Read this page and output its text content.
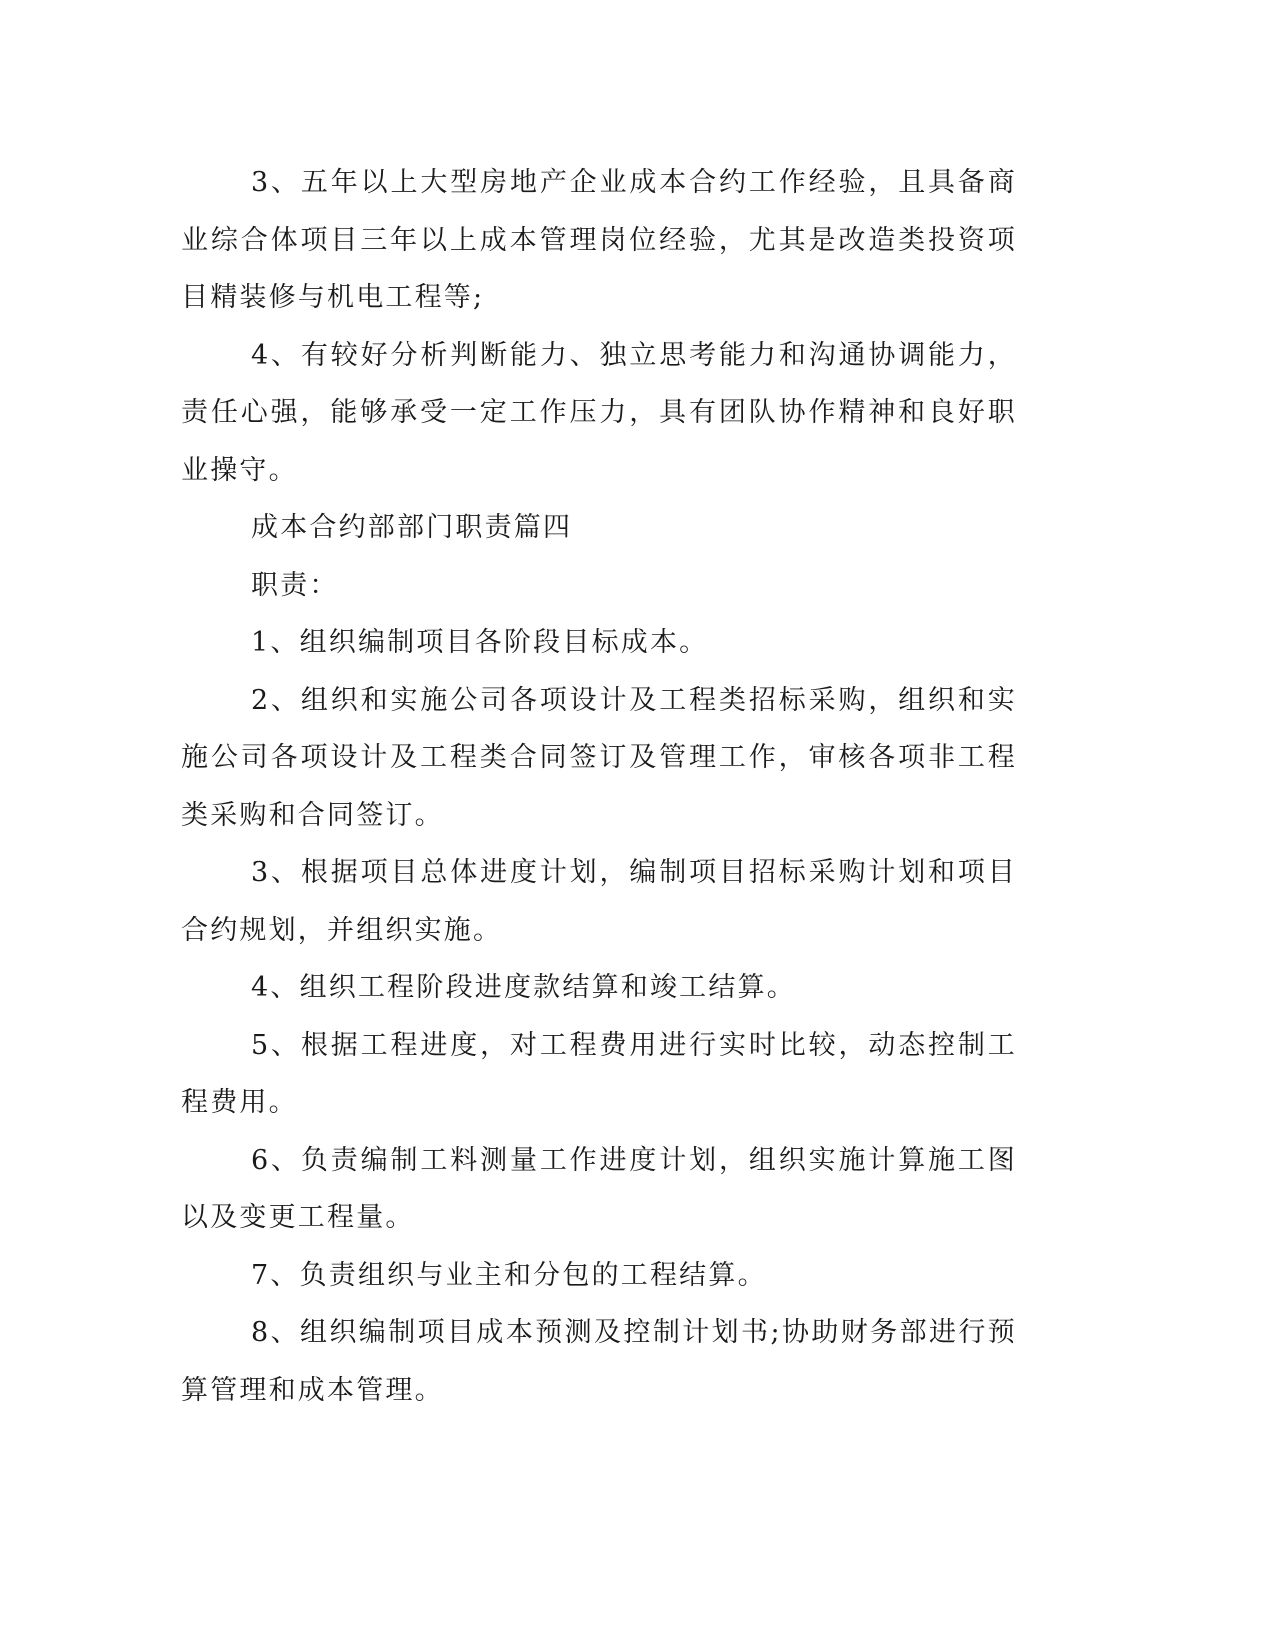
3、五年以上大型房地产企业成本合约工作经验，且具备商业综合体项目三年以上成本管理岗位经验，尤其是改造类投资项目精装修与机电工程等;

4、有较好分析判断能力、独立思考能力和沟通协调能力，责任心强，能够承受一定工作压力，具有团队协作精神和良好职业操守。

成本合约部部门职责篇四

职责：

1、组织编制项目各阶段目标成本。

2、组织和实施公司各项设计及工程类招标采购，组织和实施公司各项设计及工程类合同签订及管理工作，审核各项非工程类采购和合同签订。

3、根据项目总体进度计划，编制项目招标采购计划和项目合约规划，并组织实施。

4、组织工程阶段进度款结算和竣工结算。

5、根据工程进度，对工程费用进行实时比较，动态控制工程费用。

6、负责编制工料测量工作进度计划，组织实施计算施工图以及变更工程量。

7、负责组织与业主和分包的工程结算。

8、组织编制项目成本预测及控制计划书;协助财务部进行预算管理和成本管理。
